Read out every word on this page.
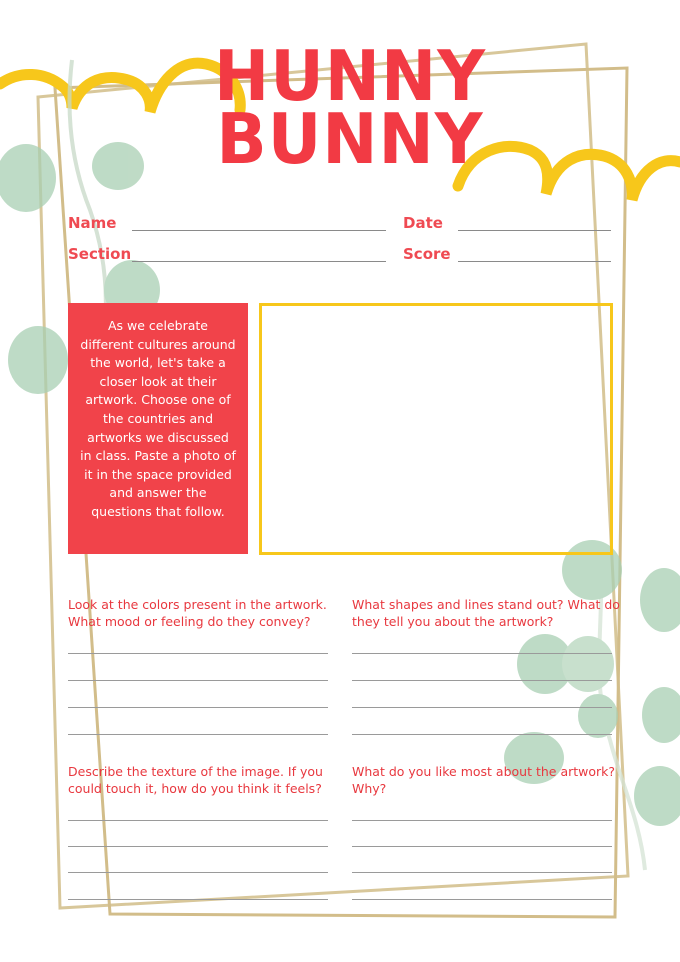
HUNNY
BUNNY
Name	Date
Section	Score
As we celebrate different cultures around the world, let's take a closer look at their artwork. Choose one of the countries and artworks we discussed in class. Paste a photo of it in the space provided and answer the questions that follow.
Look at the colors present in the artwork. What mood or feeling do they convey?
What shapes and lines stand out? What do they tell you about the artwork?
Describe the texture of the image. If you could touch it, how do you think it feels?
What do you like most about the artwork? Why?
